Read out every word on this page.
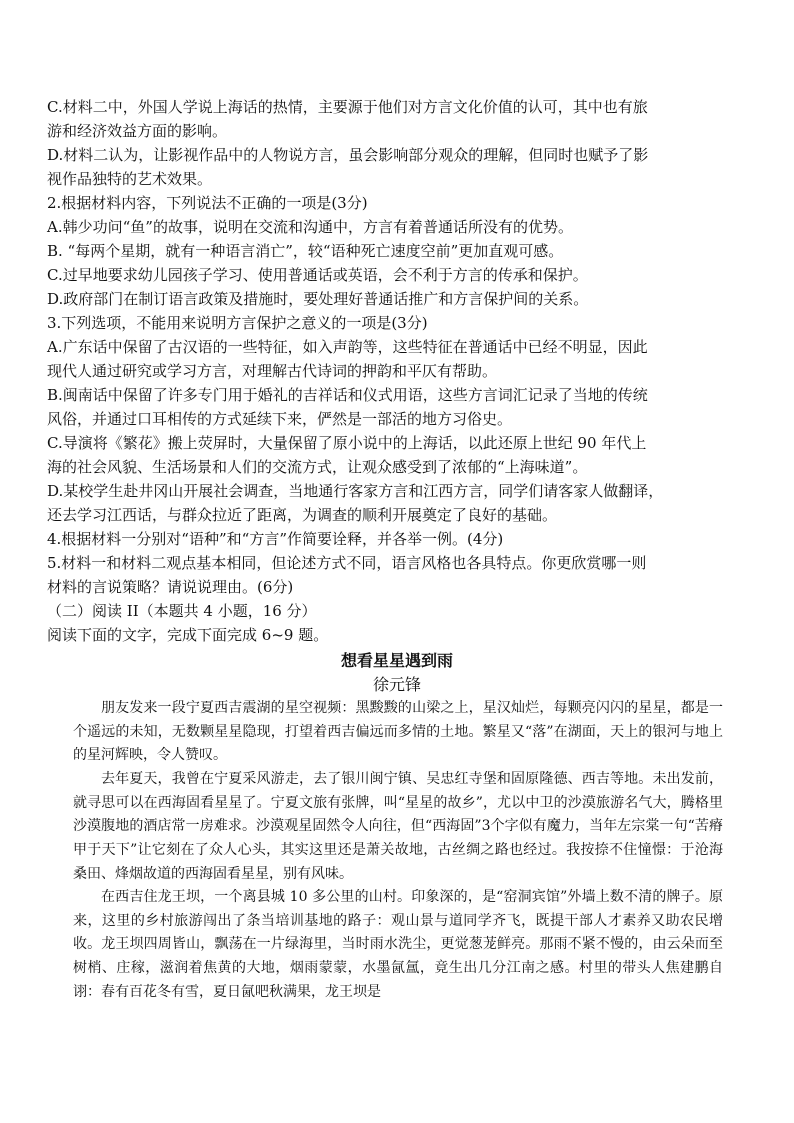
C.材料二中，外国人学说上海话的热情，主要源于他们对方言文化价值的认可，其中也有旅
游和经济效益方面的影响。
D.材料二认为，让影视作品中的人物说方言，虽会影响部分观众的理解，但同时也赋予了影
视作品独特的艺术效果。
2.根据材料内容，下列说法不正确的一项是(3分)
A.韩少功问“鱼”的故事，说明在交流和沟通中，方言有着普通话所没有的优势。
B. “每两个星期，就有一种语言消亡”，较“语种死亡速度空前”更加直观可感。
C.过早地要求幼儿园孩子学习、使用普通话或英语，会不利于方言的传承和保护。
D.政府部门在制订语言政策及措施时，要处理好普通话推广和方言保护间的关系。
3.下列选项，不能用来说明方言保护之意义的一项是(3分)
A.广东话中保留了古汉语的一些特征，如入声韵等，这些特征在普通话中已经不明显，因此
现代人通过研究或学习方言，对理解古代诗词的押韵和平仄有帮助。
B.闽南话中保留了许多专门用于婚礼的吉祥话和仪式用语，这些方言词汇记录了当地的传统
风俗，并通过口耳相传的方式延续下来，俨然是一部活的地方习俗史。
C.导演将《繁花》搬上荧屏时，大量保留了原小说中的上海话，以此还原上世纪 90 年代上
海的社会风貌、生活场景和人们的交流方式，让观众感受到了浓郁的“上海味道”。
D.某校学生赴井冈山开展社会调查，当地通行客家方言和江西方言，同学们请客家人做翻译，
还去学习江西话，与群众拉近了距离，为调查的顺利开展奠定了良好的基础。
4.根据材料一分别对“语种”和“方言”作简要诠释，并各举一例。(4分)
5.材料一和材料二观点基本相同，但论述方式不同，语言风格也各具特点。你更欣赏哪一则
材料的言说策略？请说说理由。(6分)
（二）阅读 II（本题共 4 小题，16 分）
阅读下面的文字，完成下面完成 6~9 题。
想看星星遇到雨
徐元锋
朋友发来一段宁夏西吉震湖的星空视频：黑黢黢的山梁之上，星汉灿烂，每颗亮闪闪的星星，都是一个遥远的未知，无数颗星星隐现，打望着西吉偏远而多情的土地。繁星又“落”在湖面，天上的银河与地上的星河辉映，令人赞叹。
去年夏天，我曾在宁夏采风游走，去了银川闽宁镇、吴忠红寺堡和固原隆德、西吉等地。未出发前，就寻思可以在西海固看星星了。宁夏文旅有张牌，叫“星星的故乡”，尤以中卫的沙漠旅游名气大，腾格里沙漠腹地的酒店常一房难求。沙漠观星固然令人向往，但“西海固”3个字似有魔力，当年左宗棠一句“苦瘠甲于天下”让它刻在了众人心头，其实这里还是萧关故地，古丝绸之路也经过。我按捺不住憧憬：于沧海桑田、烽烟故道的西海固看星星，别有风味。
在西吉住龙王坝，一个离县城 10 多公里的山村。印象深的，是“窑洞宾馆”外墙上数不清的牌子。原来，这里的乡村旅游闯出了条当培训基地的路子：观山景与道同学齐飞，既提干部人才素养又助农民增收。龙王坝四周皆山，飘荡在一片绿海里，当时雨水洗尘，更觉葱茏鲜亮。那雨不紧不慢的，由云朵而至树梢、庄稼，滋润着焦黄的大地，烟雨蒙蒙，水墨氤氲，竟生出几分江南之感。村里的带头人焦建鹏自诩：春有百花冬有雪，夏日氤吧秋满果，龙王坝是
